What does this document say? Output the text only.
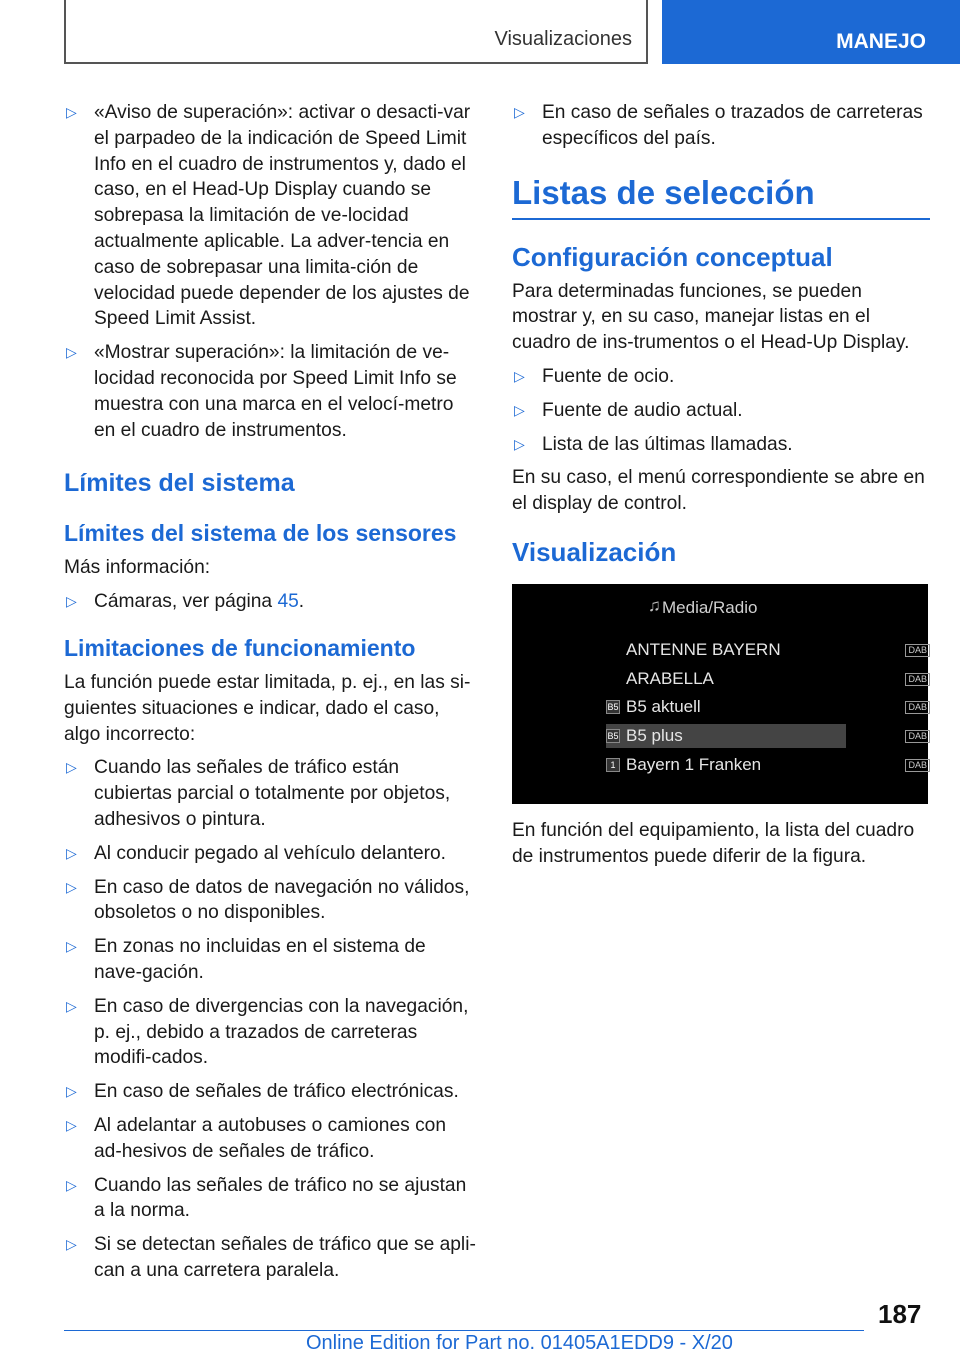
Visualizaciones	MANEJO
▷ «Aviso de superación»: activar o desacti-var el parpadeo de la indicación de Speed Limit Info en el cuadro de instrumentos y, dado el caso, en el Head-Up Display cuando se sobrepasa la limitación de ve-locidad actualmente aplicable. La adver-tencia en caso de sobrepasar una limita-ción de velocidad puede depender de los ajustes de Speed Limit Assist.
▷ «Mostrar superación»: la limitación de ve-locidad reconocida por Speed Limit Info se muestra con una marca en el velocí-metro en el cuadro de instrumentos.
Límites del sistema
Límites del sistema de los sensores

Más información:

▷ Cámaras, ver página 45.
Limitaciones de funcionamiento

La función puede estar limitada, p. ej., en las si-guientes situaciones e indicar, dado el caso, algo incorrecto:

▷ Cuando las señales de tráfico están cubiertas parcial o totalmente por objetos, adhesivos o pintura.
▷ Al conducir pegado al vehículo delantero.
▷ En caso de datos de navegación no válidos, obsoletos o no disponibles.
▷ En zonas no incluidas en el sistema de nave-gación.
▷ En caso de divergencias con la navegación, p. ej., debido a trazados de carreteras modifi-cados.
▷ En caso de señales de tráfico electrónicas.
▷ Al adelantar a autobuses o camiones con ad-hesivos de señales de tráfico.
▷ Cuando las señales de tráfico no se ajustan a la norma.
▷ Si se detectan señales de tráfico que se apli-can a una carretera paralela.
▷ En caso de señales o trazados de carreteras específicos del país.
Listas de selección
Configuración conceptual

Para determinadas funciones, se pueden mostrar y, en su caso, manejar listas en el cuadro de ins-trumentos o el Head-Up Display.

▷ Fuente de ocio.
▷ Fuente de audio actual.
▷ Lista de las últimas llamadas.

En su caso, el menú correspondiente se abre en el display de control.

Visualización
♫ Media/Radio
ANTENNE BAYERN	DAB
ARABELLA	DAB
B5 B5 aktuell	DAB
B5 B5 plus	DAB
1 Bayern 1 Franken	DAB

En función del equipamiento, la lista del cuadro de instrumentos puede diferir de la figura.

187
Online Edition for Part no. 01405A1EDD9 - X/20
